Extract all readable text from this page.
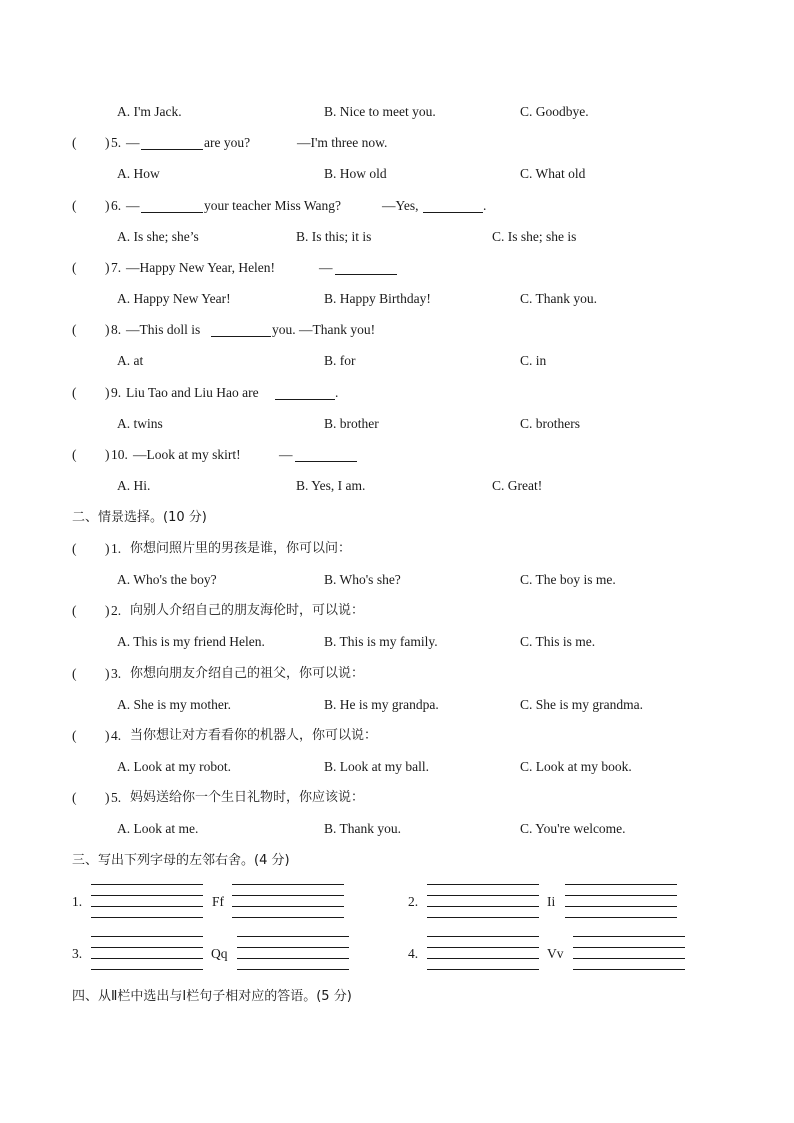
A. I'm Jack.	B. Nice to meet you.	C. Goodbye.
( ) 5. —	are you?	—I'm three now.
A. How	B. How old	C. What old
( ) 6. —	your teacher Miss Wang?	—Yes,	.
A. Is she; she’s	B. Is this; it is	C. Is she; she is
( ) 7. —Happy New Year, Helen!	—
A. Happy New Year!	B. Happy Birthday!	C. Thank you.
( ) 8. —This doll is	you. —Thank you!
A. at	B. for	C. in
( ) 9. Liu Tao and Liu Hao are	.
A. twins	B. brother	C. brothers
( ) 10. —Look at my skirt!	—
A. Hi.	B. Yes, I am.	C. Great!
二、情景选择。(10 分)
( ) 1. 你想问照片里的男孩是谁，你可以问：
A. Who's the boy?	B. Who's she?	C. The boy is me.
( ) 2. 向别人介绍自己的朋友海伦时，可以说：
A. This is my friend Helen.	B. This is my family.	C. This is me.
( ) 3. 你想向朋友介绍自己的祖父，你可以说：
A. She is my mother.	B. He is my grandpa.	C. She is my grandma.
( ) 4. 当你想让对方看看你的机器人，你可以说：
A. Look at my robot.	B. Look at my ball.	C. Look at my book.
( ) 5. 妈妈送给你一个生日礼物时，你应该说：
A. Look at me.	B. Thank you.	C. You're welcome.
三、写出下列字母的左邻右舍。(4 分)
1.	Ff	2.	Ii
3.	Qq	4.	Vv
四、从Ⅱ栏中选出与Ⅰ栏句子相对应的答语。(5 分)
